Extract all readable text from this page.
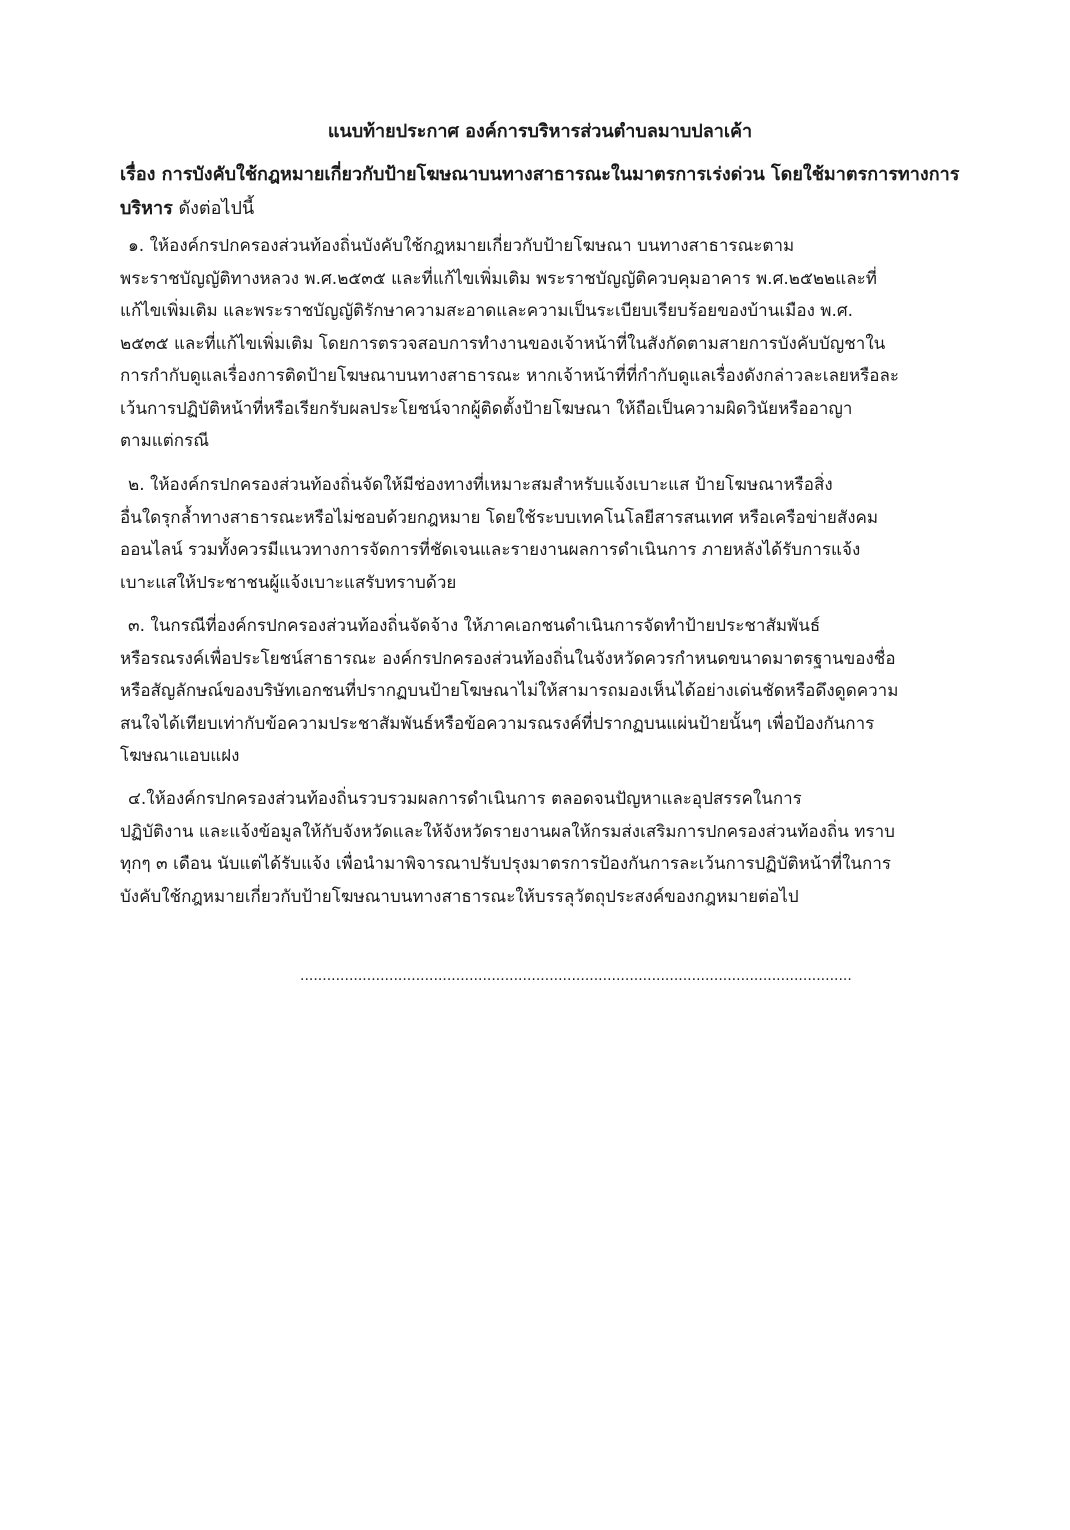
แนบท้ายประกาศ องค์การบริหารส่วนตำบลมาบปลาเค้า
เรื่อง การบังคับใช้กฎหมายเกี่ยวกับป้ายโฆษณาบนทางสาธารณะในมาตรการเร่งด่วน โดยใช้มาตรการทางการ
บริหาร ดังต่อไปนี้
๑. ให้องค์กรปกครองส่วนท้องถิ่นบังคับใช้กฎหมายเกี่ยวกับป้ายโฆษณา บนทางสาธารณะตาม
พระราชบัญญัติทางหลวง พ.ศ.๒๕๓๕ และที่แก้ไขเพิ่มเติม พระราชบัญญัติควบคุมอาคาร พ.ศ.๒๕๒๒และที่
แก้ไขเพิ่มเติม และพระราชบัญญัติรักษาความสะอาดและความเป็นระเบียบเรียบร้อยของบ้านเมือง พ.ศ.
๒๕๓๕ และที่แก้ไขเพิ่มเติม โดยการตรวจสอบการทำงานของเจ้าหน้าที่ในสังกัดตามสายการบังคับบัญชาใน
การกำกับดูแลเรื่องการติดป้ายโฆษณาบนทางสาธารณะ หากเจ้าหน้าที่ที่กำกับดูแลเรื่องดังกล่าวละเลยหรือละ
เว้นการปฏิบัติหน้าที่หรือเรียกรับผลประโยชน์จากผู้ติดตั้งป้ายโฆษณา ให้ถือเป็นความผิดวินัยหรืออาญา
ตามแต่กรณี
๒. ให้องค์กรปกครองส่วนท้องถิ่นจัดให้มีช่องทางที่เหมาะสมสำหรับแจ้งเบาะแส ป้ายโฆษณาหรือสิ่ง
อื่นใดรุกล้ำทางสาธารณะหรือไม่ชอบด้วยกฎหมาย โดยใช้ระบบเทคโนโลยีสารสนเทศ หรือเครือข่ายสังคม
ออนไลน์ รวมทั้งควรมีแนวทางการจัดการที่ชัดเจนและรายงานผลการดำเนินการ ภายหลังได้รับการแจ้ง
เบาะแสให้ประชาชนผู้แจ้งเบาะแสรับทราบด้วย
๓. ในกรณีที่องค์กรปกครองส่วนท้องถิ่นจัดจ้าง ให้ภาคเอกชนดำเนินการจัดทำป้ายประชาสัมพันธ์
หรือรณรงค์เพื่อประโยชน์สาธารณะ องค์กรปกครองส่วนท้องถิ่นในจังหวัดควรกำหนดขนาดมาตรฐานของชื่อ
หรือสัญลักษณ์ของบริษัทเอกชนที่ปรากฏบนป้ายโฆษณาไม่ให้สามารถมองเห็นได้อย่างเด่นชัดหรือดึงดูดความ
สนใจได้เทียบเท่ากับข้อความประชาสัมพันธ์หรือข้อความรณรงค์ที่ปรากฏบนแผ่นป้ายนั้นๆ เพื่อป้องกันการ
โฆษณาแอบแฝง
๔.ให้องค์กรปกครองส่วนท้องถิ่นรวบรวมผลการดำเนินการ ตลอดจนปัญหาและอุปสรรคในการ
ปฏิบัติงาน และแจ้งข้อมูลให้กับจังหวัดและให้จังหวัดรายงานผลให้กรมส่งเสริมการปกครองส่วนท้องถิ่น ทราบ
ทุกๆ ๓ เดือน นับแต่ได้รับแจ้ง เพื่อนำมาพิจารณาปรับปรุงมาตรการป้องกันการละเว้นการปฏิบัติหน้าที่ในการ
บังคับใช้กฎหมายเกี่ยวกับป้ายโฆษณาบนทางสาธารณะให้บรรลุวัตถุประสงค์ของกฎหมายต่อไป
............................................................................................................................
